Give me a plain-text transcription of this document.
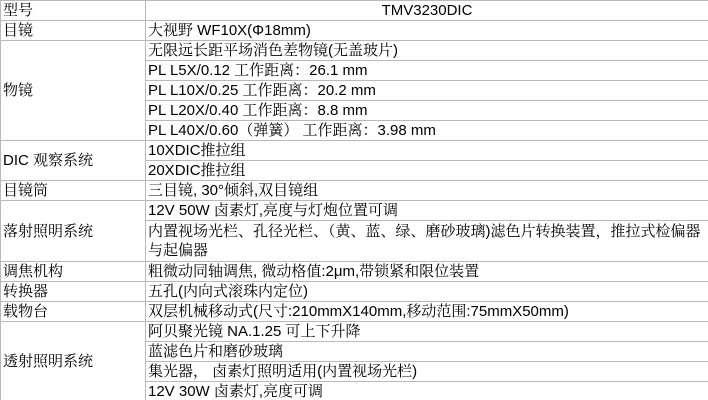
型号	TMV3230DIC
目镜	大视野 WF10X(Φ18mm)
物镜	无限远长距平场消色差物镜(无盖玻片)
	PL L5X/0.12 工作距离：26.1 mm
	PL L10X/0.25 工作距离：20.2 mm
	PL L20X/0.40 工作距离：8.8 mm
	PL L40X/0.60（弹簧） 工作距离：3.98 mm
DIC 观察系统	10XDIC推拉组
	20XDIC推拉组
目镜筒	三目镜, 30°倾斜,双目镜组
落射照明系统	12V 50W 卤素灯,亮度与灯炮位置可调
	内置视场光栏、孔径光栏、（黄、蓝、绿、磨砂玻璃)滤色片转换装置，推拉式检偏器与起偏器
调焦机构	粗微动同轴调焦, 微动格值:2μm,带锁紧和限位装置
转换器	五孔(内向式滚珠内定位)
载物台	双层机械移动式(尺寸:210mmX140mm,移动范围:75mmX50mm)
透射照明系统	阿贝聚光镜 NA.1.25 可上下升降
	蓝滤色片和磨砂玻璃
	集光器， 卤素灯照明适用(内置视场光栏)
	12V 30W 卤素灯,亮度可调
